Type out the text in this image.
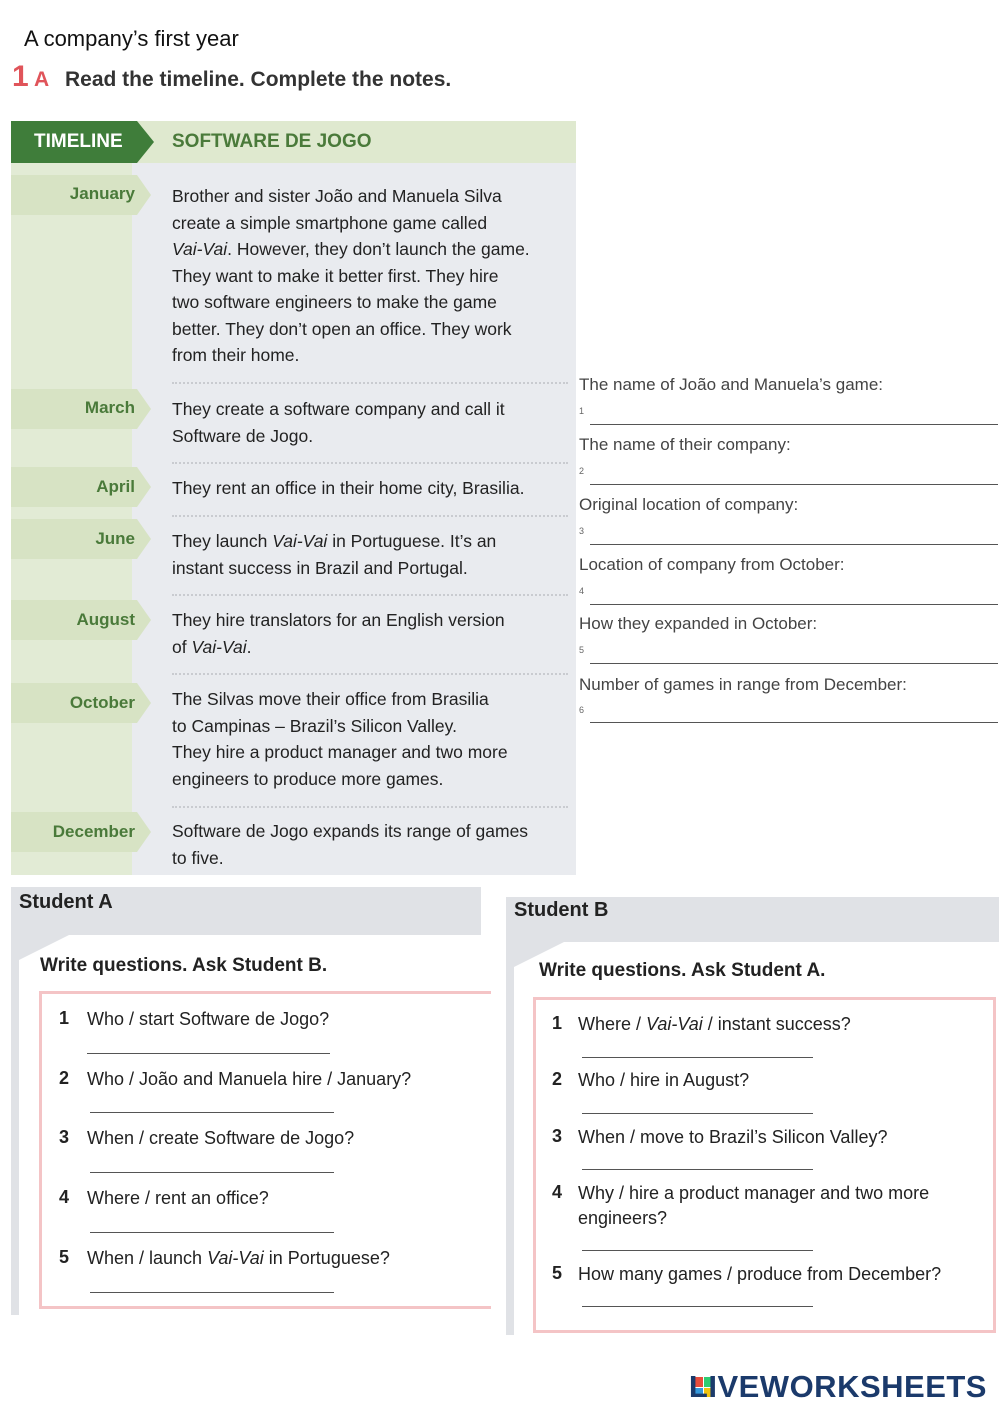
A company’s first year
1 A Read the timeline. Complete the notes.
TIMELINE	SOFTWARE DE JOGO
January Brother and sister João and Manuela Silva
create a simple smartphone game called
Vai-Vai. However, they don’t launch the game.
They want to make it better first. They hire
two software engineers to make the game
better. They don’t open an office. They work
from their home.
March They create a software company and call it
Software de Jogo.
April They rent an office in their home city, Brasilia.
June They launch Vai-Vai in Portuguese. It’s an
instant success in Brazil and Portugal.
August They hire translators for an English version
of Vai-Vai.
October The Silvas move their office from Brasilia
to Campinas – Brazil’s Silicon Valley.
They hire a product manager and two more
engineers to produce more games.
December Software de Jogo expands its range of games
to five.
The name of João and Manuela’s game:
1
The name of their company:
2
Original location of company:
3
Location of company from October:
4
How they expanded in October:
5
Number of games in range from December:
6
Student A
Write questions. Ask Student B.
1 Who / start Software de Jogo?
2 Who / João and Manuela hire / January?
3 When / create Software de Jogo?
4 Where / rent an office?
5 When / launch Vai-Vai in Portuguese?
Student B
Write questions. Ask Student A.
1 Where / Vai-Vai / instant success?
2 Who / hire in August?
3 When / move to Brazil’s Silicon Valley?
4 Why / hire a product manager and two more
engineers?
5 How many games / produce from December?
LIVEWORKSHEETS
